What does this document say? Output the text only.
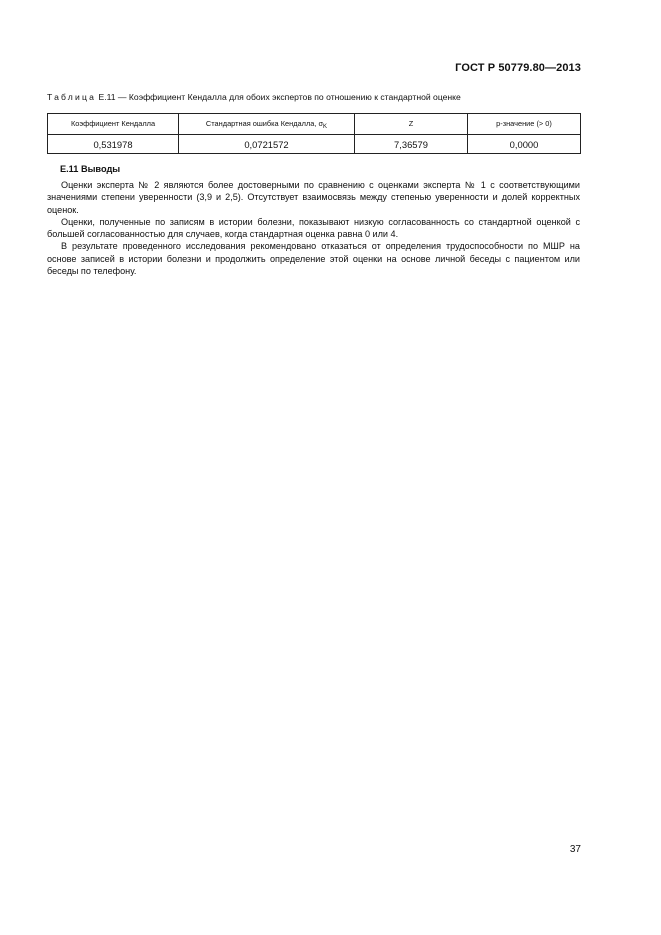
ГОСТ Р 50779.80—2013
Таблица Е.11 — Коэффициент Кендалла для обоих экспертов по отношению к стандартной оценке
Коэффициент Кендалла	Стандартная ошибка Кендалла, $\sigma_K$	Z	p-значение (> 0)
0,531978	0,0721572	7,36579	0,0000
Е.11 Выводы

Оценки эксперта № 2 являются более достоверными по сравнению с оценками эксперта № 1 с соответствующими значениями степени уверенности (3,9 и 2,5). Отсутствует взаимосвязь между степенью уверенности и долей корректных оценок.

Оценки, полученные по записям в истории болезни, показывают низкую согласованность со стандартной оценкой с большей согласованностью для случаев, когда стандартная оценка равна 0 или 4.

В результате проведенного исследования рекомендовано отказаться от определения трудоспособности по МШР на основе записей в истории болезни и продолжить определение этой оценки на основе личной беседы с пациентом или беседы по телефону.

37
